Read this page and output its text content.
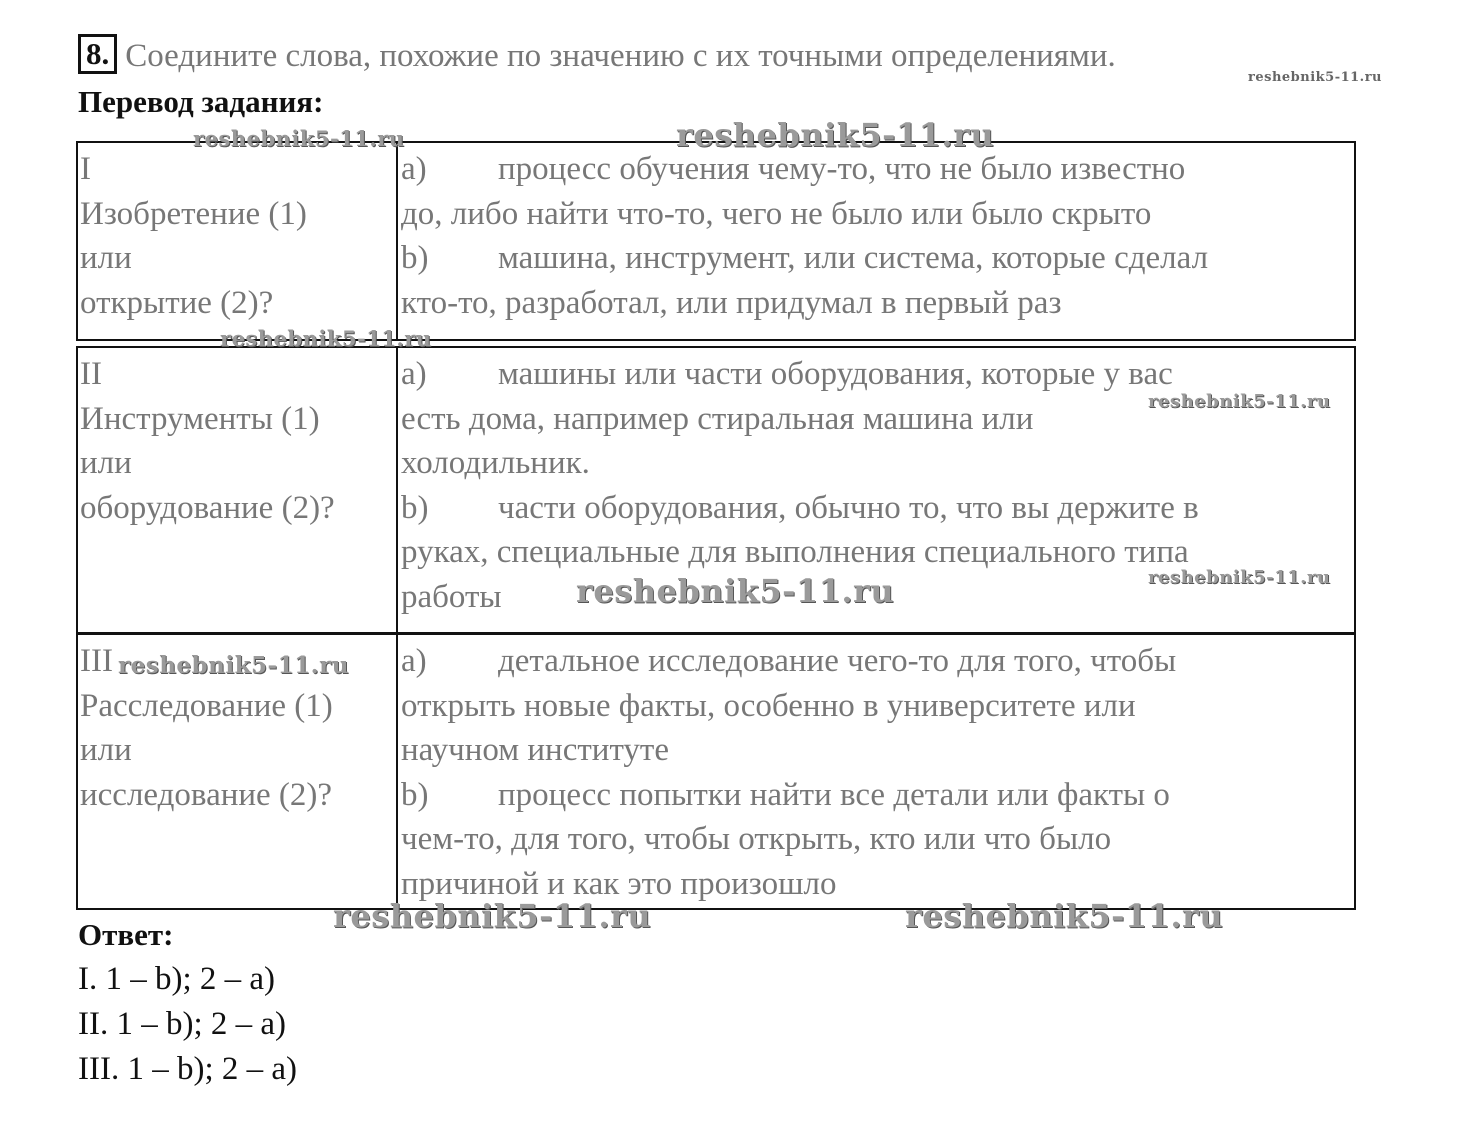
8. Соедините слова, похожие по значению с их точными определениями.
Перевод задания:
I
Изобретение (1)
или
открытие (2)?
a) процесс обучения чему-то, что не было известно
до, либо найти что-то, чего не было или было скрыто
b) машина, инструмент, или система, которые сделал
кто-то, разработал, или придумал в первый раз
II
Инструменты (1)
или
оборудование (2)?
a) машины или части оборудования, которые у вас
есть дома, например стиральная машина или
холодильник.
b) части оборудования, обычно то, что вы держите в
руках, специальные для выполнения специального типа
работы
III
Расследование (1)
или
исследование (2)?
a) детальное исследование чего-то для того, чтобы
открыть новые факты, особенно в университете или
научном институте
b) процесс попытки найти все детали или факты о
чем-то, для того, чтобы открыть, кто или что было
причиной и как это произошло
Ответ:
I. 1 – b); 2 – a)
II. 1 – b); 2 – a)
III. 1 – b); 2 – a)
reshebnik5-11.ru
reshebnik5-11.ru	reshebnik5-11.ru
reshebnik5-11.ru
reshebnik5-11.ru
reshebnik5-11.ru
reshebnik5-11.ru
reshebnik5-11.ru
reshebnik5-11.ru	reshebnik5-11.ru
